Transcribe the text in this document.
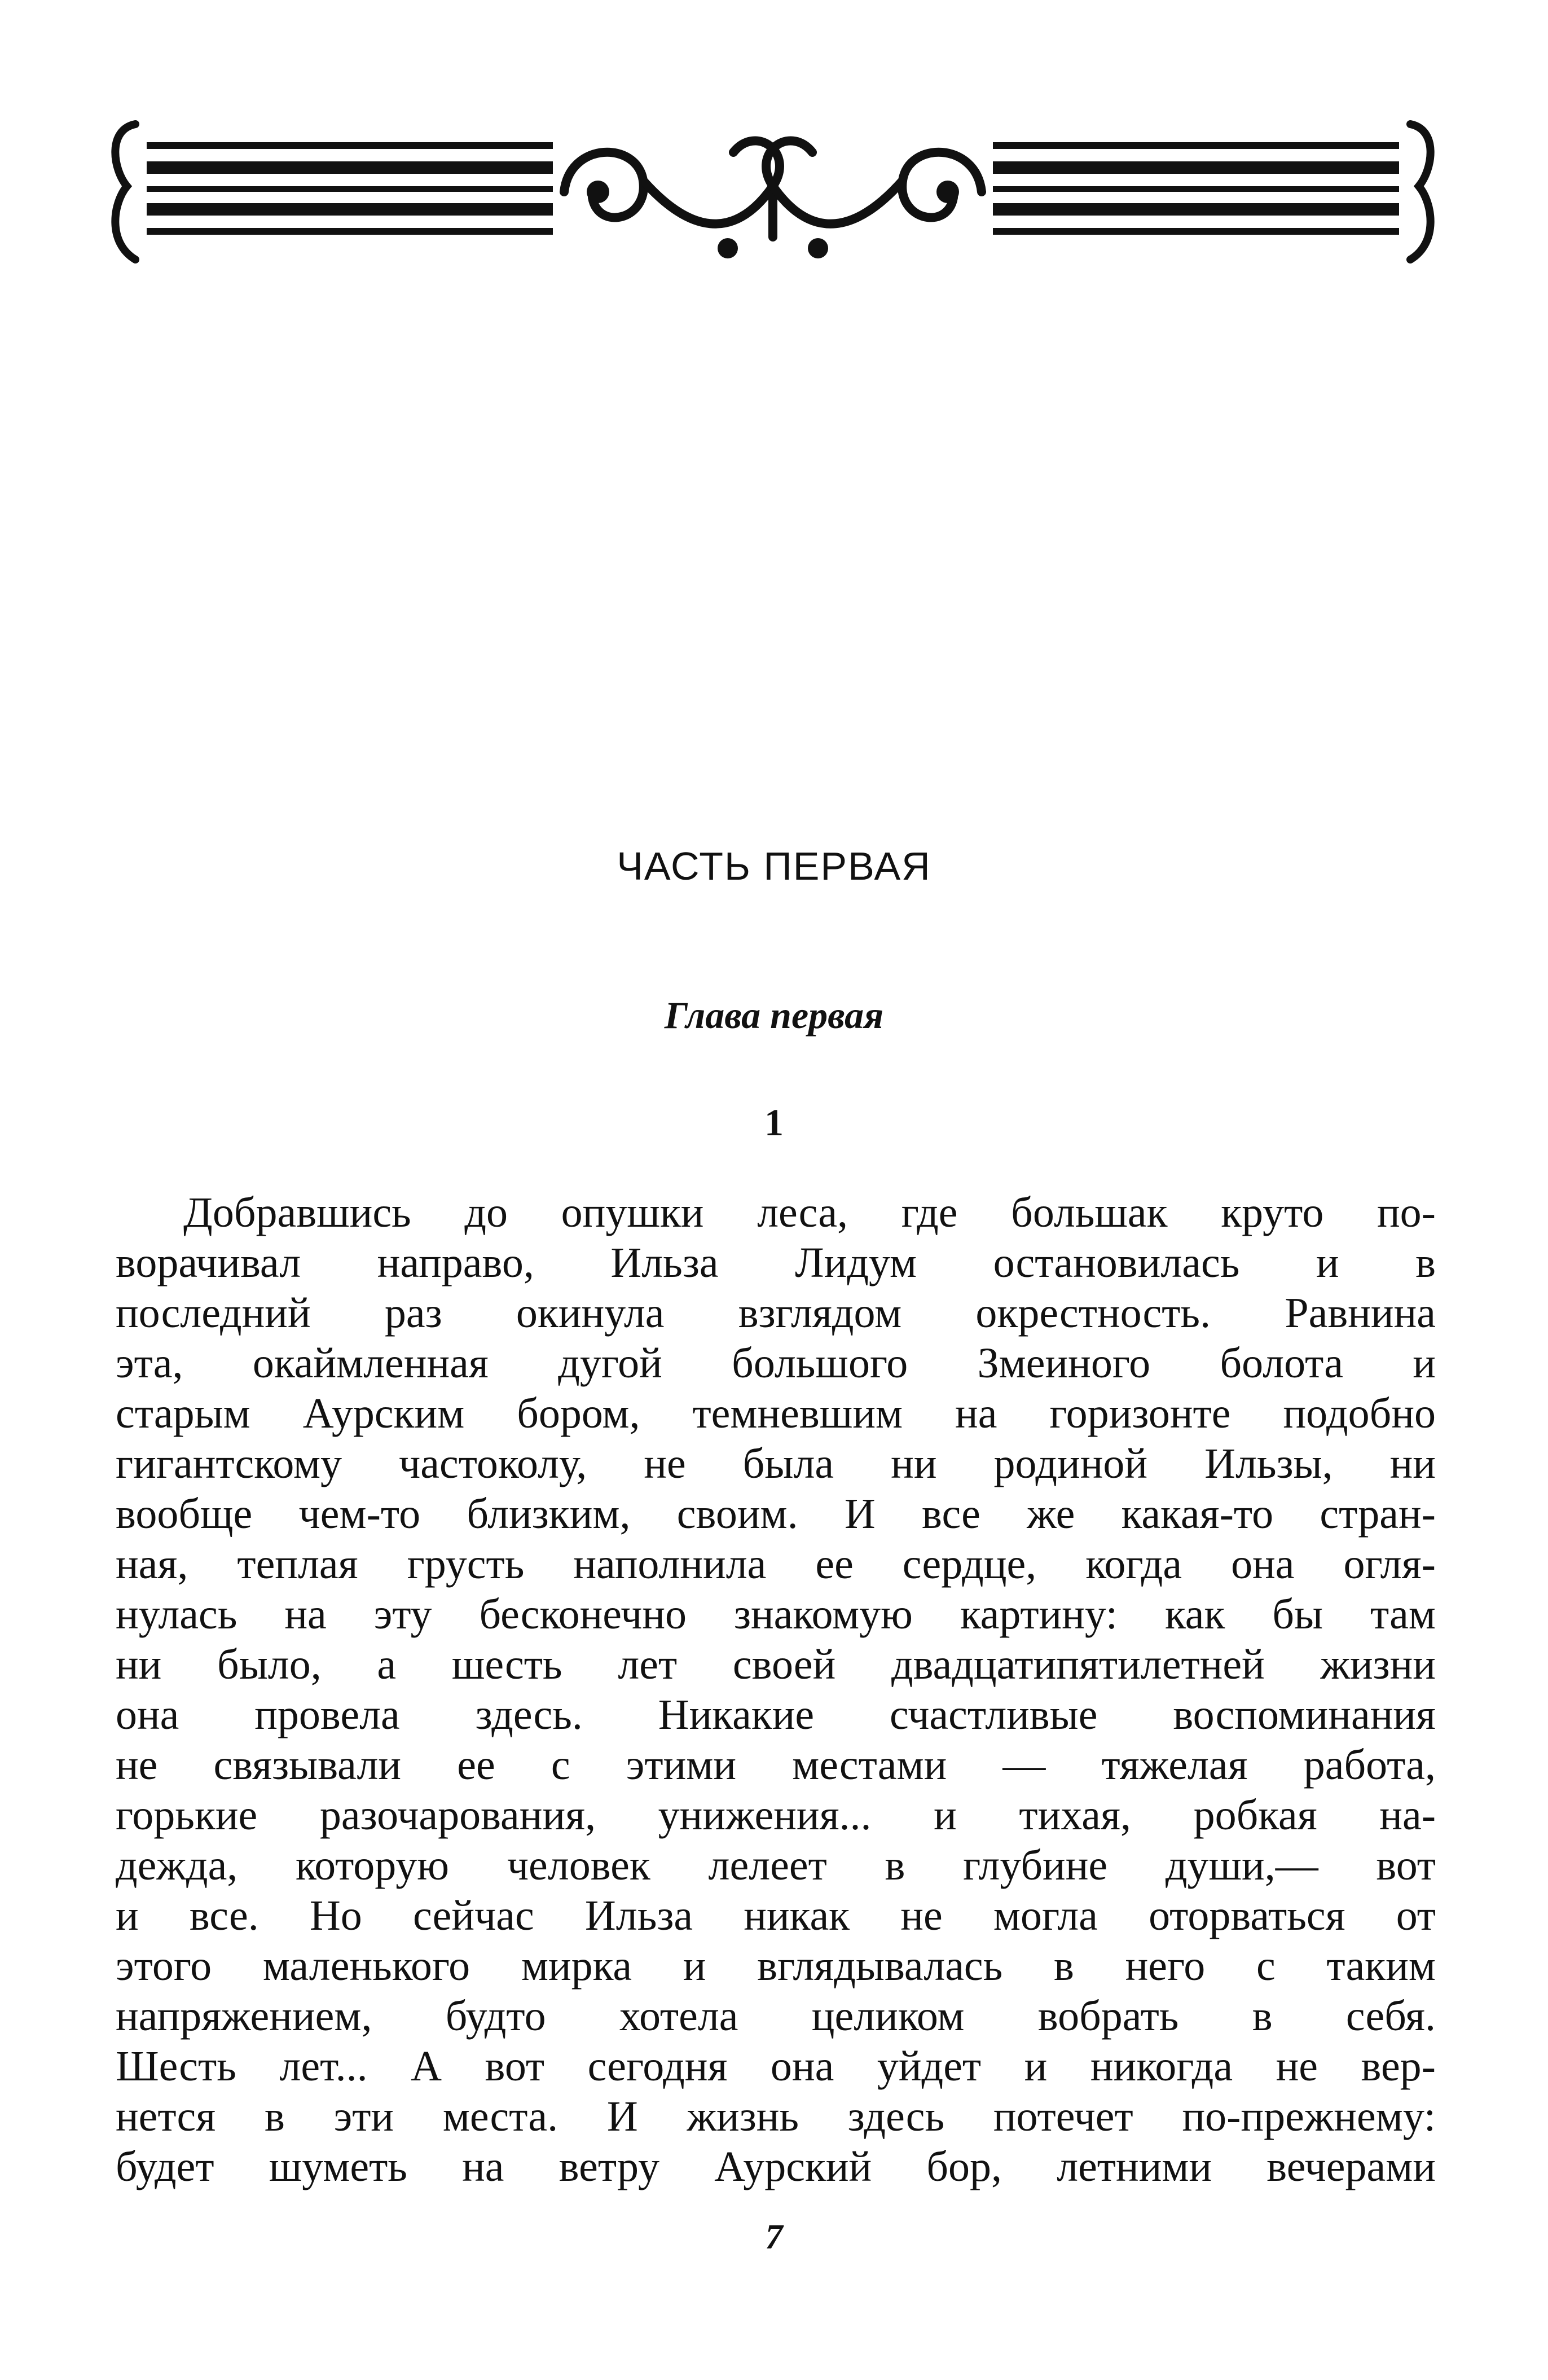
ЧАСТЬ ПЕРВАЯ
Глава первая
1
Добравшись до опушки леса, где большак круто по-
ворачивал направо, Ильза Лидум остановилась и в
последний раз окинула взглядом окрестность. Равнина
эта, окаймленная дугой большого Змеиного болота и
старым Аурским бором, темневшим на горизонте подобно
гигантскому частоколу, не была ни родиной Ильзы, ни
вообще чем-то близким, своим. И все же какая-то стран-
ная, теплая грусть наполнила ее сердце, когда она огля-
нулась на эту бесконечно знакомую картину: как бы там
ни было, а шесть лет своей двадцатипятилетней жизни
она провела здесь. Никакие счастливые воспоминания
не связывали ее с этими местами — тяжелая работа,
горькие разочарования, унижения... и тихая, робкая на-
дежда, которую человек лелеет в глубине души,— вот
и все. Но сейчас Ильза никак не могла оторваться от
этого маленького мирка и вглядывалась в него с таким
напряжением, будто хотела целиком вобрать в себя.
Шесть лет... А вот сегодня она уйдет и никогда не вер-
нется в эти места. И жизнь здесь потечет по-прежнему:
будет шуметь на ветру Аурский бор, летними вечерами
7
